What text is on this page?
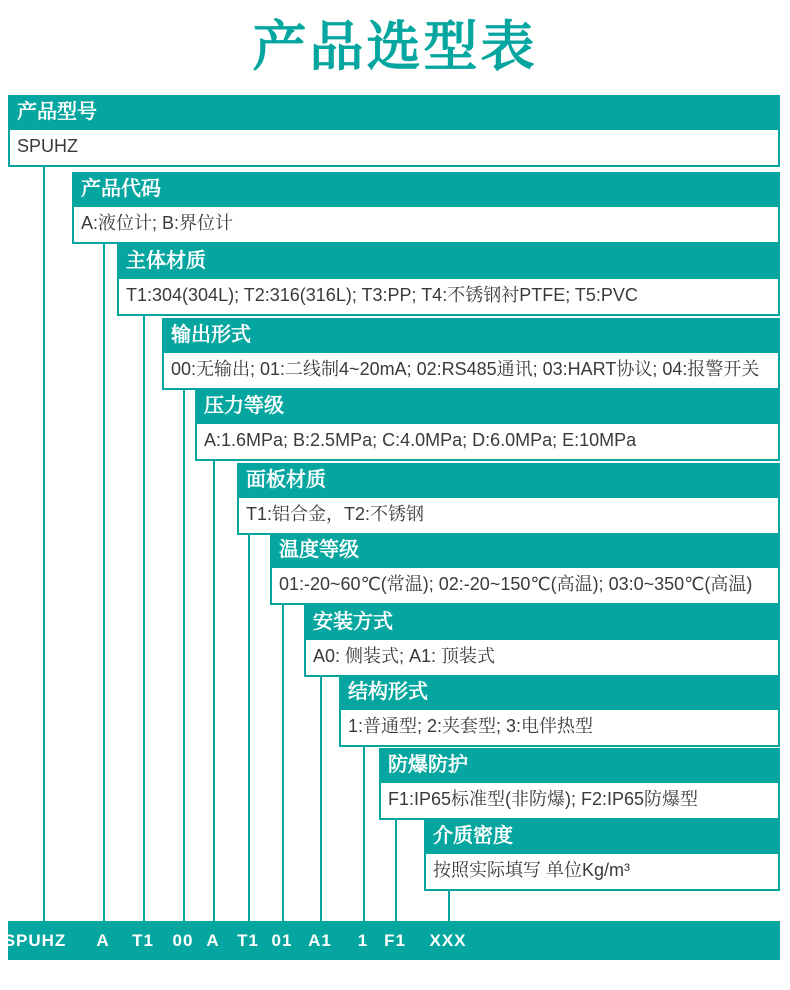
产品选型表
产品型号
SPUHZ
产品代码
A:液位计; B:界位计
主体材质
T1:304(304L); T2:316(316L); T3:PP; T4:不锈钢衬PTFE; T5:PVC
输出形式
00:无输出; 01:二线制4~20mA; 02:RS485通讯; 03:HART协议; 04:报警开关
压力等级
A:1.6MPa; B:2.5MPa; C:4.0MPa; D:6.0MPa; E:10MPa
面板材质
T1:铝合金，T2:不锈钢
温度等级
01:-20~60℃(常温); 02:-20~150℃(高温); 03:0~350℃(高温)
安装方式
A0: 侧装式; A1: 顶装式
结构形式
1:普通型; 2:夹套型; 3:电伴热型
防爆防护
F1:IP65标准型(非防爆); F2:IP65防爆型
介质密度
按照实际填写 单位Kg/m³
SPUHZ A T1 00 A T1 01 A1 1 F1 XXX
